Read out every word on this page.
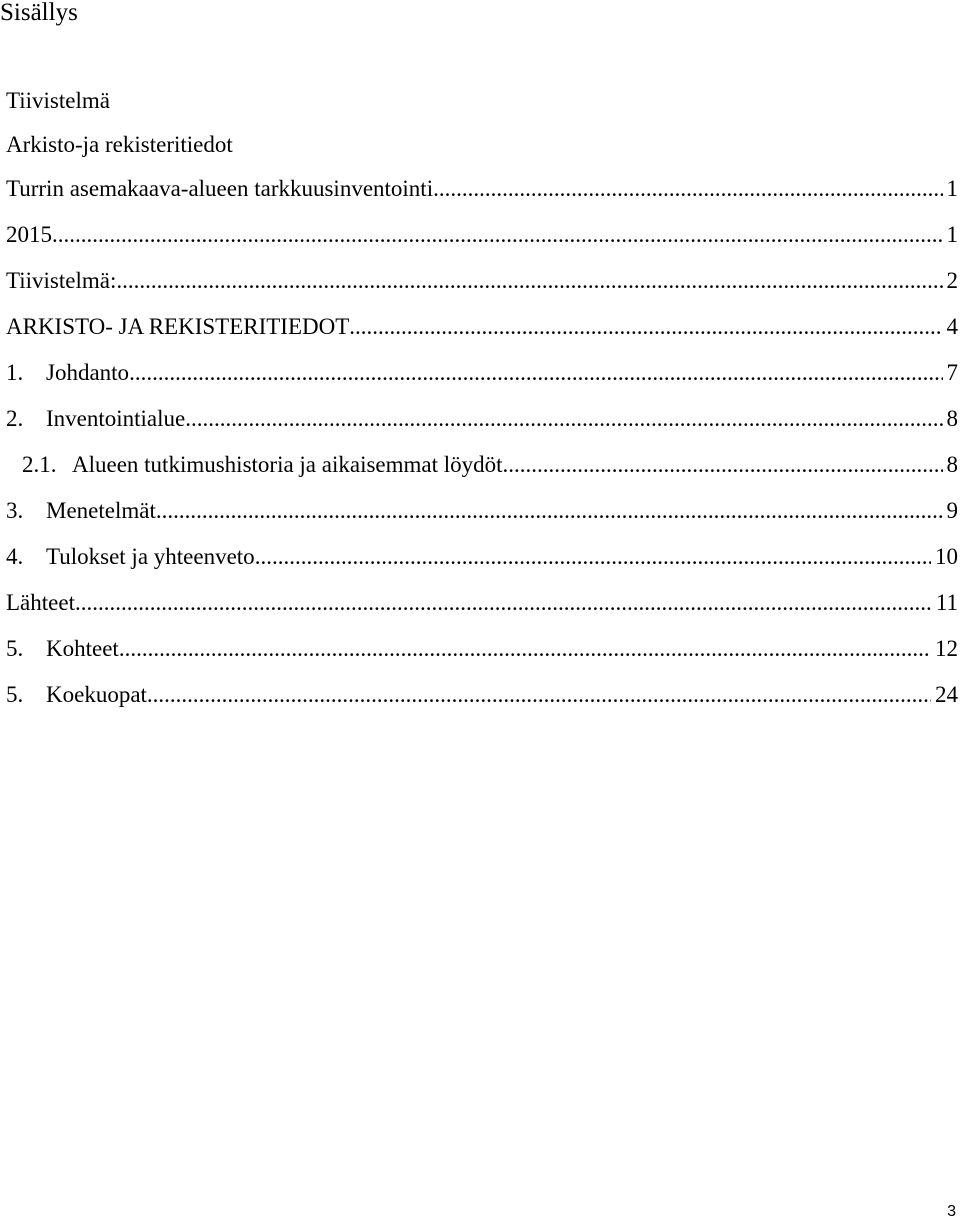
Sisällys
Tiivistelmä
Arkisto-ja rekisteritiedot
Turrin asemakaava-alueen tarkkuusinventointi .....	1
2015 .....	1
Tiivistelmä: .....	2
ARKISTO- JA REKISTERITIEDOT .....	4
1. Johdanto .....	7
2. Inventointialue .....	8
2.1. Alueen tutkimushistoria ja aikaisemmat löydöt .....	8
3. Menetelmät .....	9
4. Tulokset ja yhteenveto .....	10
Lähteet .....	11
5. Kohteet .....	12
5. Koekuopat .....	24
3
